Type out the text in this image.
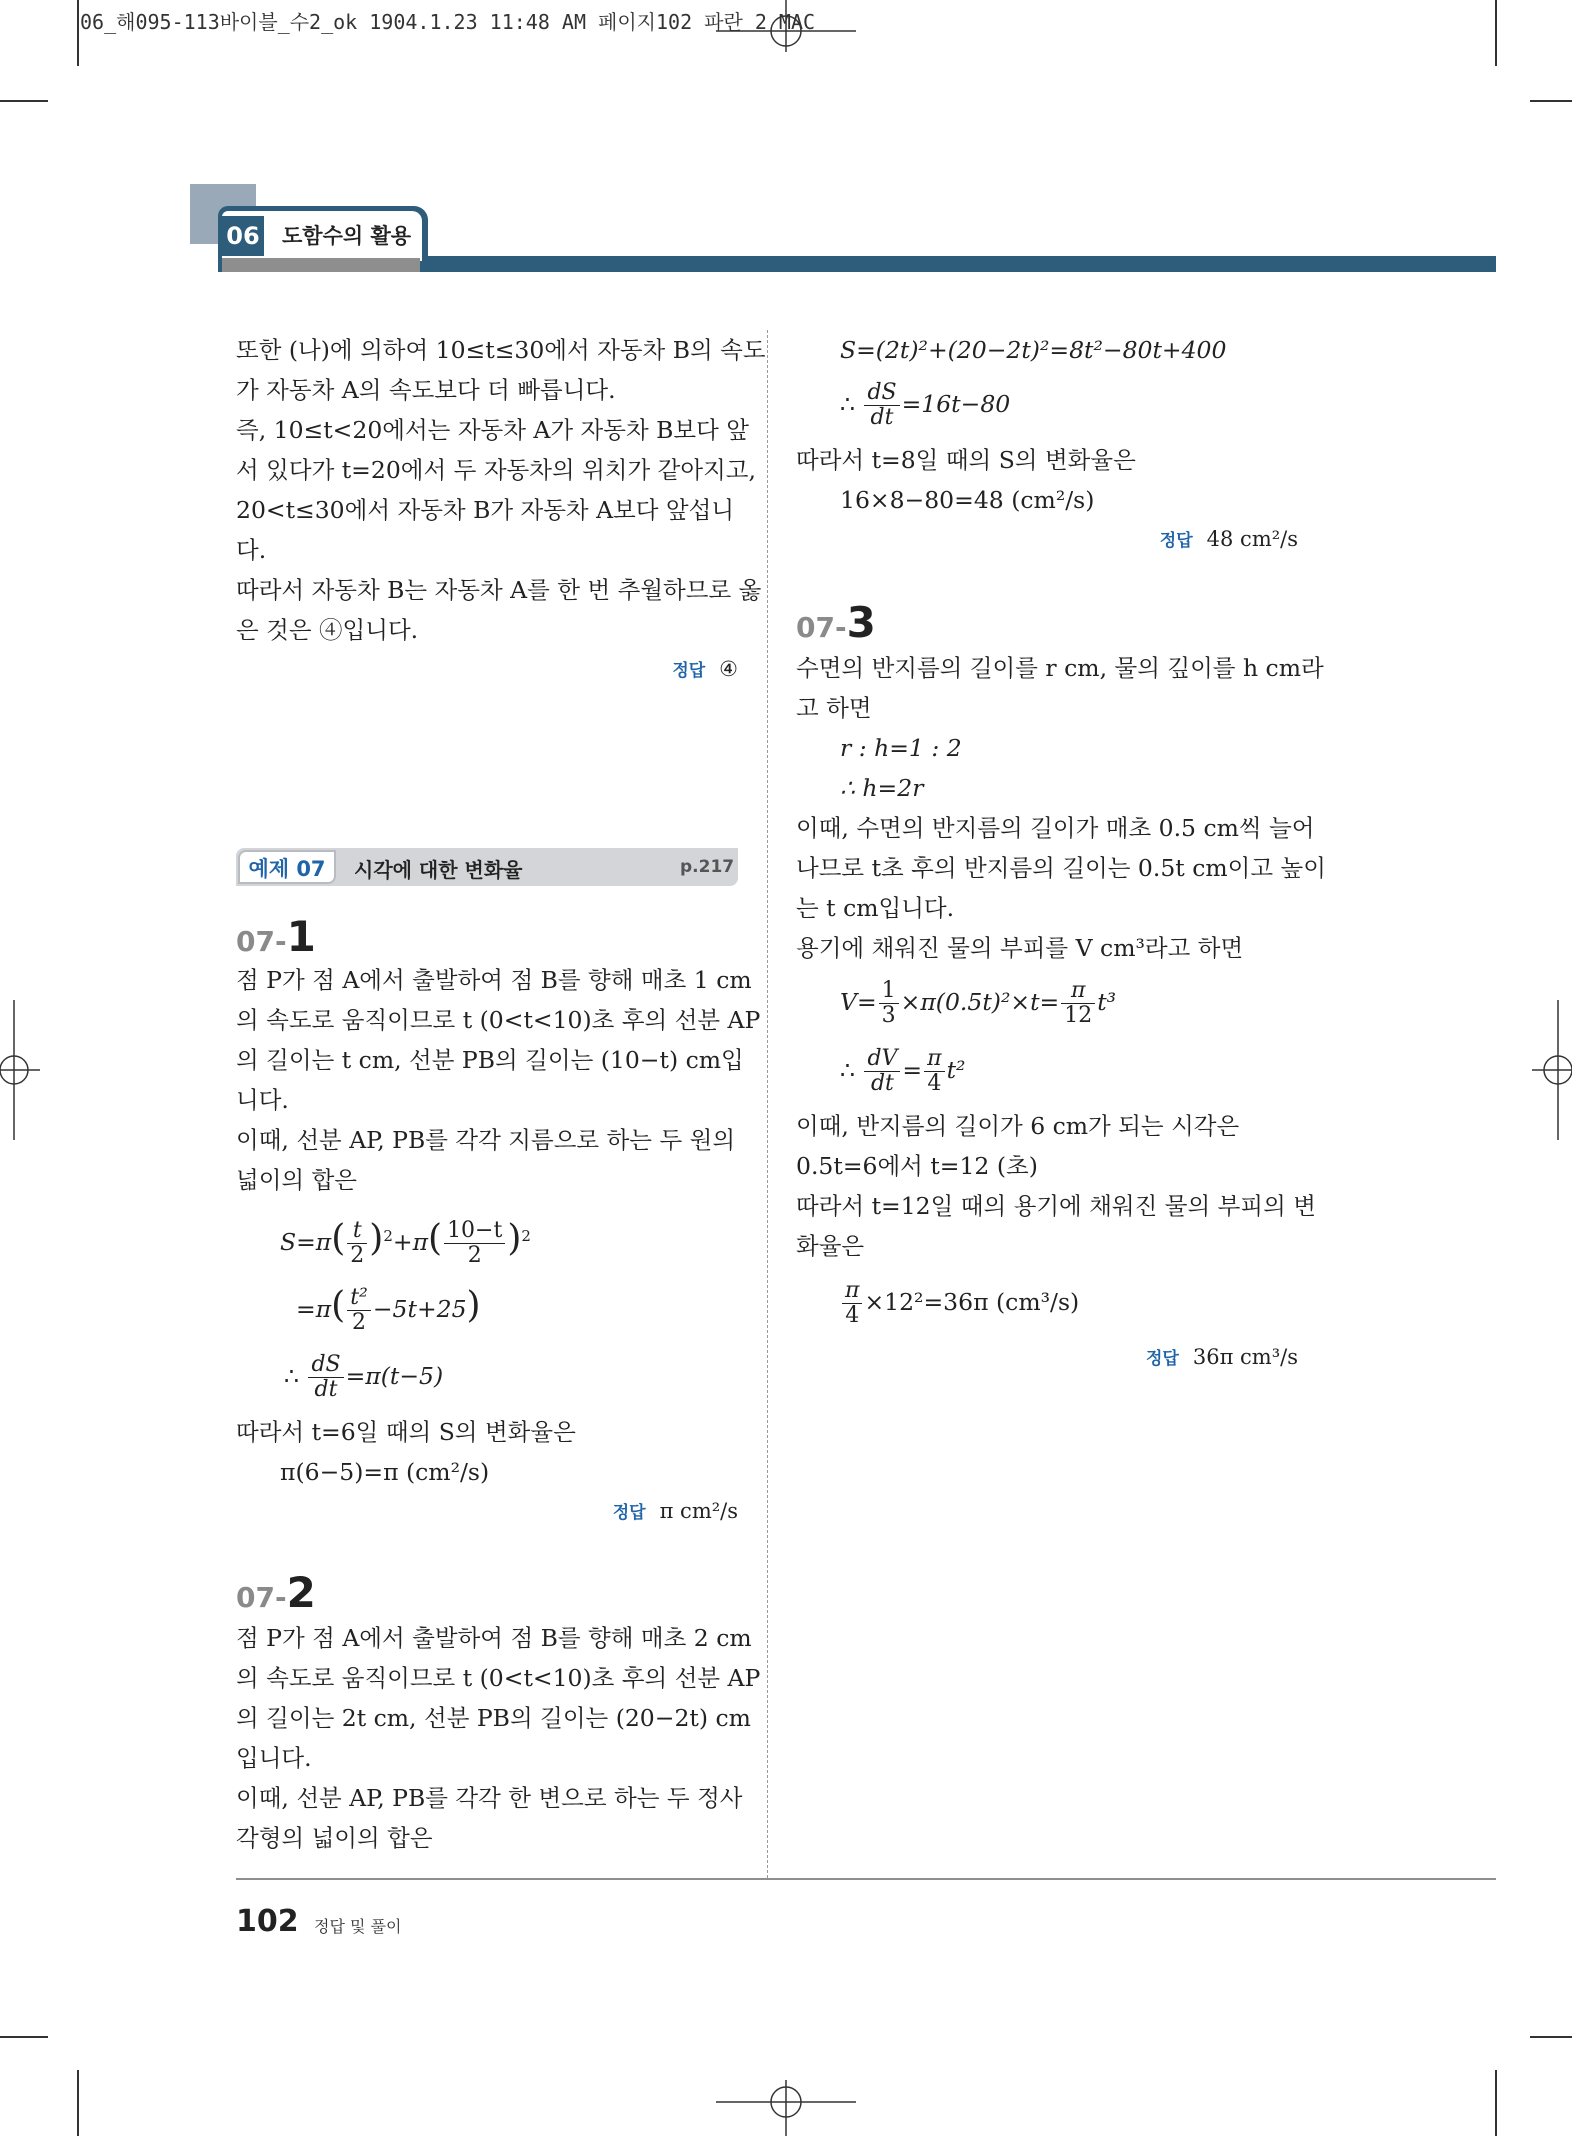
06_해095-113바이블_수2_ok 1904.1.23 11:48 AM 페이지102 파란 2 MAC
06 도함수의 활용
또한 (나)에 의하여 10≤t≤30에서 자동차 B의 속도
가 자동차 A의 속도보다 더 빠릅니다.
즉, 10≤t<20에서는 자동차 A가 자동차 B보다 앞
서 있다가 t=20에서 두 자동차의 위치가 같아지고,
20<t≤30에서 자동차 B가 자동차 A보다 앞섭니
다.
따라서 자동차 B는 자동차 A를 한 번 추월하므로 옳
은 것은 ④입니다.
정답 ④
예제 07	시각에 대한 변화율	p.217
07-1
점 P가 점 A에서 출발하여 점 B를 향해 매초 1 cm
의 속도로 움직이므로 t (0<t<10)초 후의 선분 AP
의 길이는 t cm, 선분 PB의 길이는 (10−t) cm입
니다.
이때, 선분 AP, PB를 각각 지름으로 하는 두 원의
넓이의 합은
$S=\pi( \frac{t}{2} )^2+\pi( \frac{10-t}{2} )^2$
$=\pi( \frac{\text{t²}}{2} -5t+25)$
∴ $\frac{dS}{dt} =\pi(t-5)$
따라서 t=6일 때의 S의 변화율은
π(6−5)=π (cm²/s)
정답 π cm²/s
07-2
점 P가 점 A에서 출발하여 점 B를 향해 매초 2 cm
의 속도로 움직이므로 t (0<t<10)초 후의 선분 AP
의 길이는 2t cm, 선분 PB의 길이는 (20−2t) cm
입니다.
이때, 선분 AP, PB를 각각 한 변으로 하는 두 정사
각형의 넓이의 합은
S=(2t)²+(20−2t)²=8t²−80t+400
∴ $\frac{dS}{dt} =16t-80$
따라서 t=8일 때의 S의 변화율은
16×8−80=48 (cm²/s)
정답 48 cm²/s
07-3
수면의 반지름의 길이를 r cm, 물의 깊이를 h cm라
고 하면
r : h=1 : 2
∴ h=2r
이때, 수면의 반지름의 길이가 매초 0.5 cm씩 늘어
나므로 t초 후의 반지름의 길이는 0.5t cm이고 높이
는 t cm입니다.
용기에 채워진 물의 부피를 V cm³라고 하면
$V= \frac{1}{3} \times\pi(0.5t)^2\times t= \frac{\pi}{12} t^3$
∴ $\frac{dV}{dt} = \frac{\pi}{4} t^2$
이때, 반지름의 길이가 6 cm가 되는 시각은
0.5t=6에서 t=12 (초)
따라서 t=12일 때의 용기에 채워진 물의 부피의 변
화율은
$\frac{\pi}{4} \times 12^2=36\pi$ (cm³/s)
정답 36π cm³/s
102 정답 및 풀이
